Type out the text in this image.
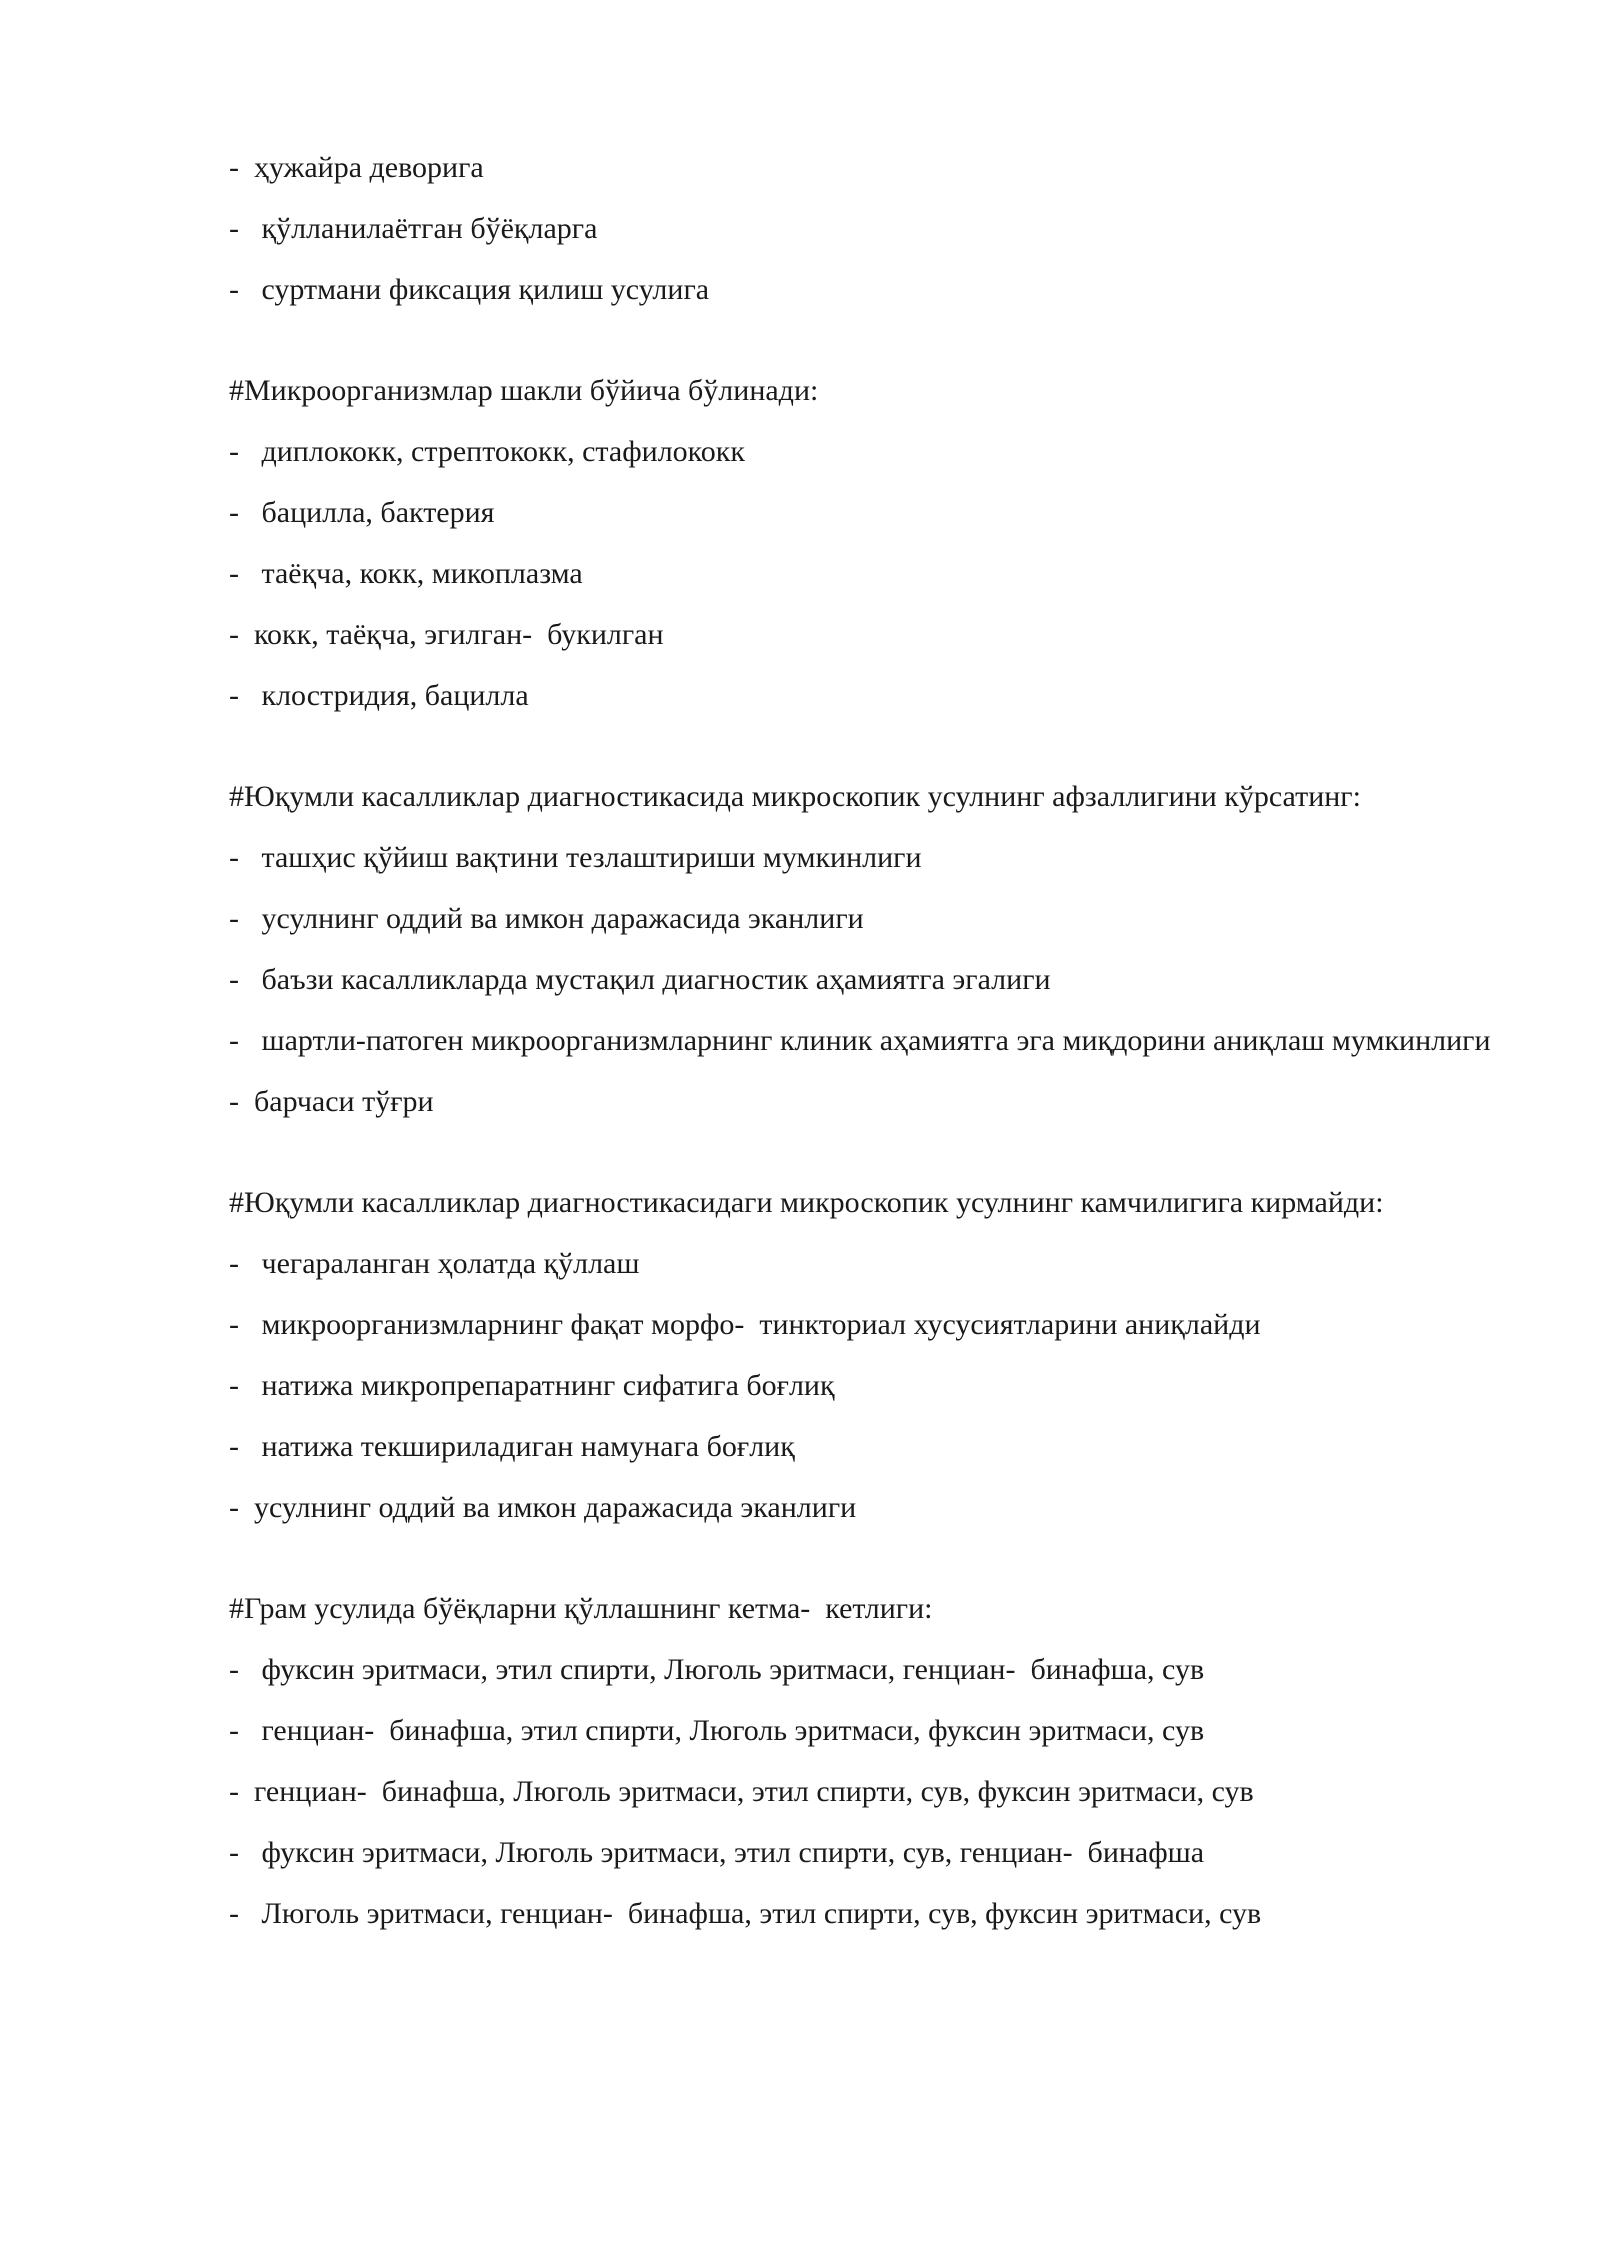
-  ҳужайра деворига

-   қўлланилаётган бўёқларга

-   суртмани фиксация қилиш усулига

#Микроорганизмлар шакли бўйича бўлинади:

-   диплококк, стрептококк, стафилококк

-   бацилла, бактерия

-   таёқча, кокк, микоплазма

-  кокк, таёқча, эгилган-  букилган

-   клостридия, бацилла

#Юқумли касалликлар диагностикасида микроскопик усулнинг афзаллигини кўрсатинг:

-   ташҳис қўйиш вақтини тезлаштириши мумкинлиги

-   усулнинг оддий ва имкон даражасида эканлиги

-   баъзи касалликларда мустақил диагностик аҳамиятга эгалиги

-   шартли-патоген микроорганизмларнинг клиник аҳамиятга эга миқдорини аниқлаш мумкинлиги

-  барчаси тўғри

#Юқумли касалликлар диагностикасидаги микроскопик усулнинг камчилигига кирмайди:

-   чегараланган ҳолатда қўллаш

-   микроорганизмларнинг фақат морфо-  тинкториал хусусиятларини аниқлайди

-   натижа микропрепаратнинг сифатига боғлиқ

-   натижа текшириладиган намунага боғлиқ

-  усулнинг оддий ва имкон даражасида эканлиги

#Грам усулида бўёқларни қўллашнинг кетма-  кетлиги:

-   фуксин эритмаси, этил спирти, Люголь эритмаси, генциан-  бинафша, сув

-   генциан-  бинафша, этил спирти, Люголь эритмаси, фуксин эритмаси, сув

-  генциан-  бинафша, Люголь эритмаси, этил спирти, сув, фуксин эритмаси, сув

-   фуксин эритмаси, Люголь эритмаси, этил спирти, сув, генциан-  бинафша

-   Люголь эритмаси, генциан-  бинафша, этил спирти, сув, фуксин эритмаси, сув
